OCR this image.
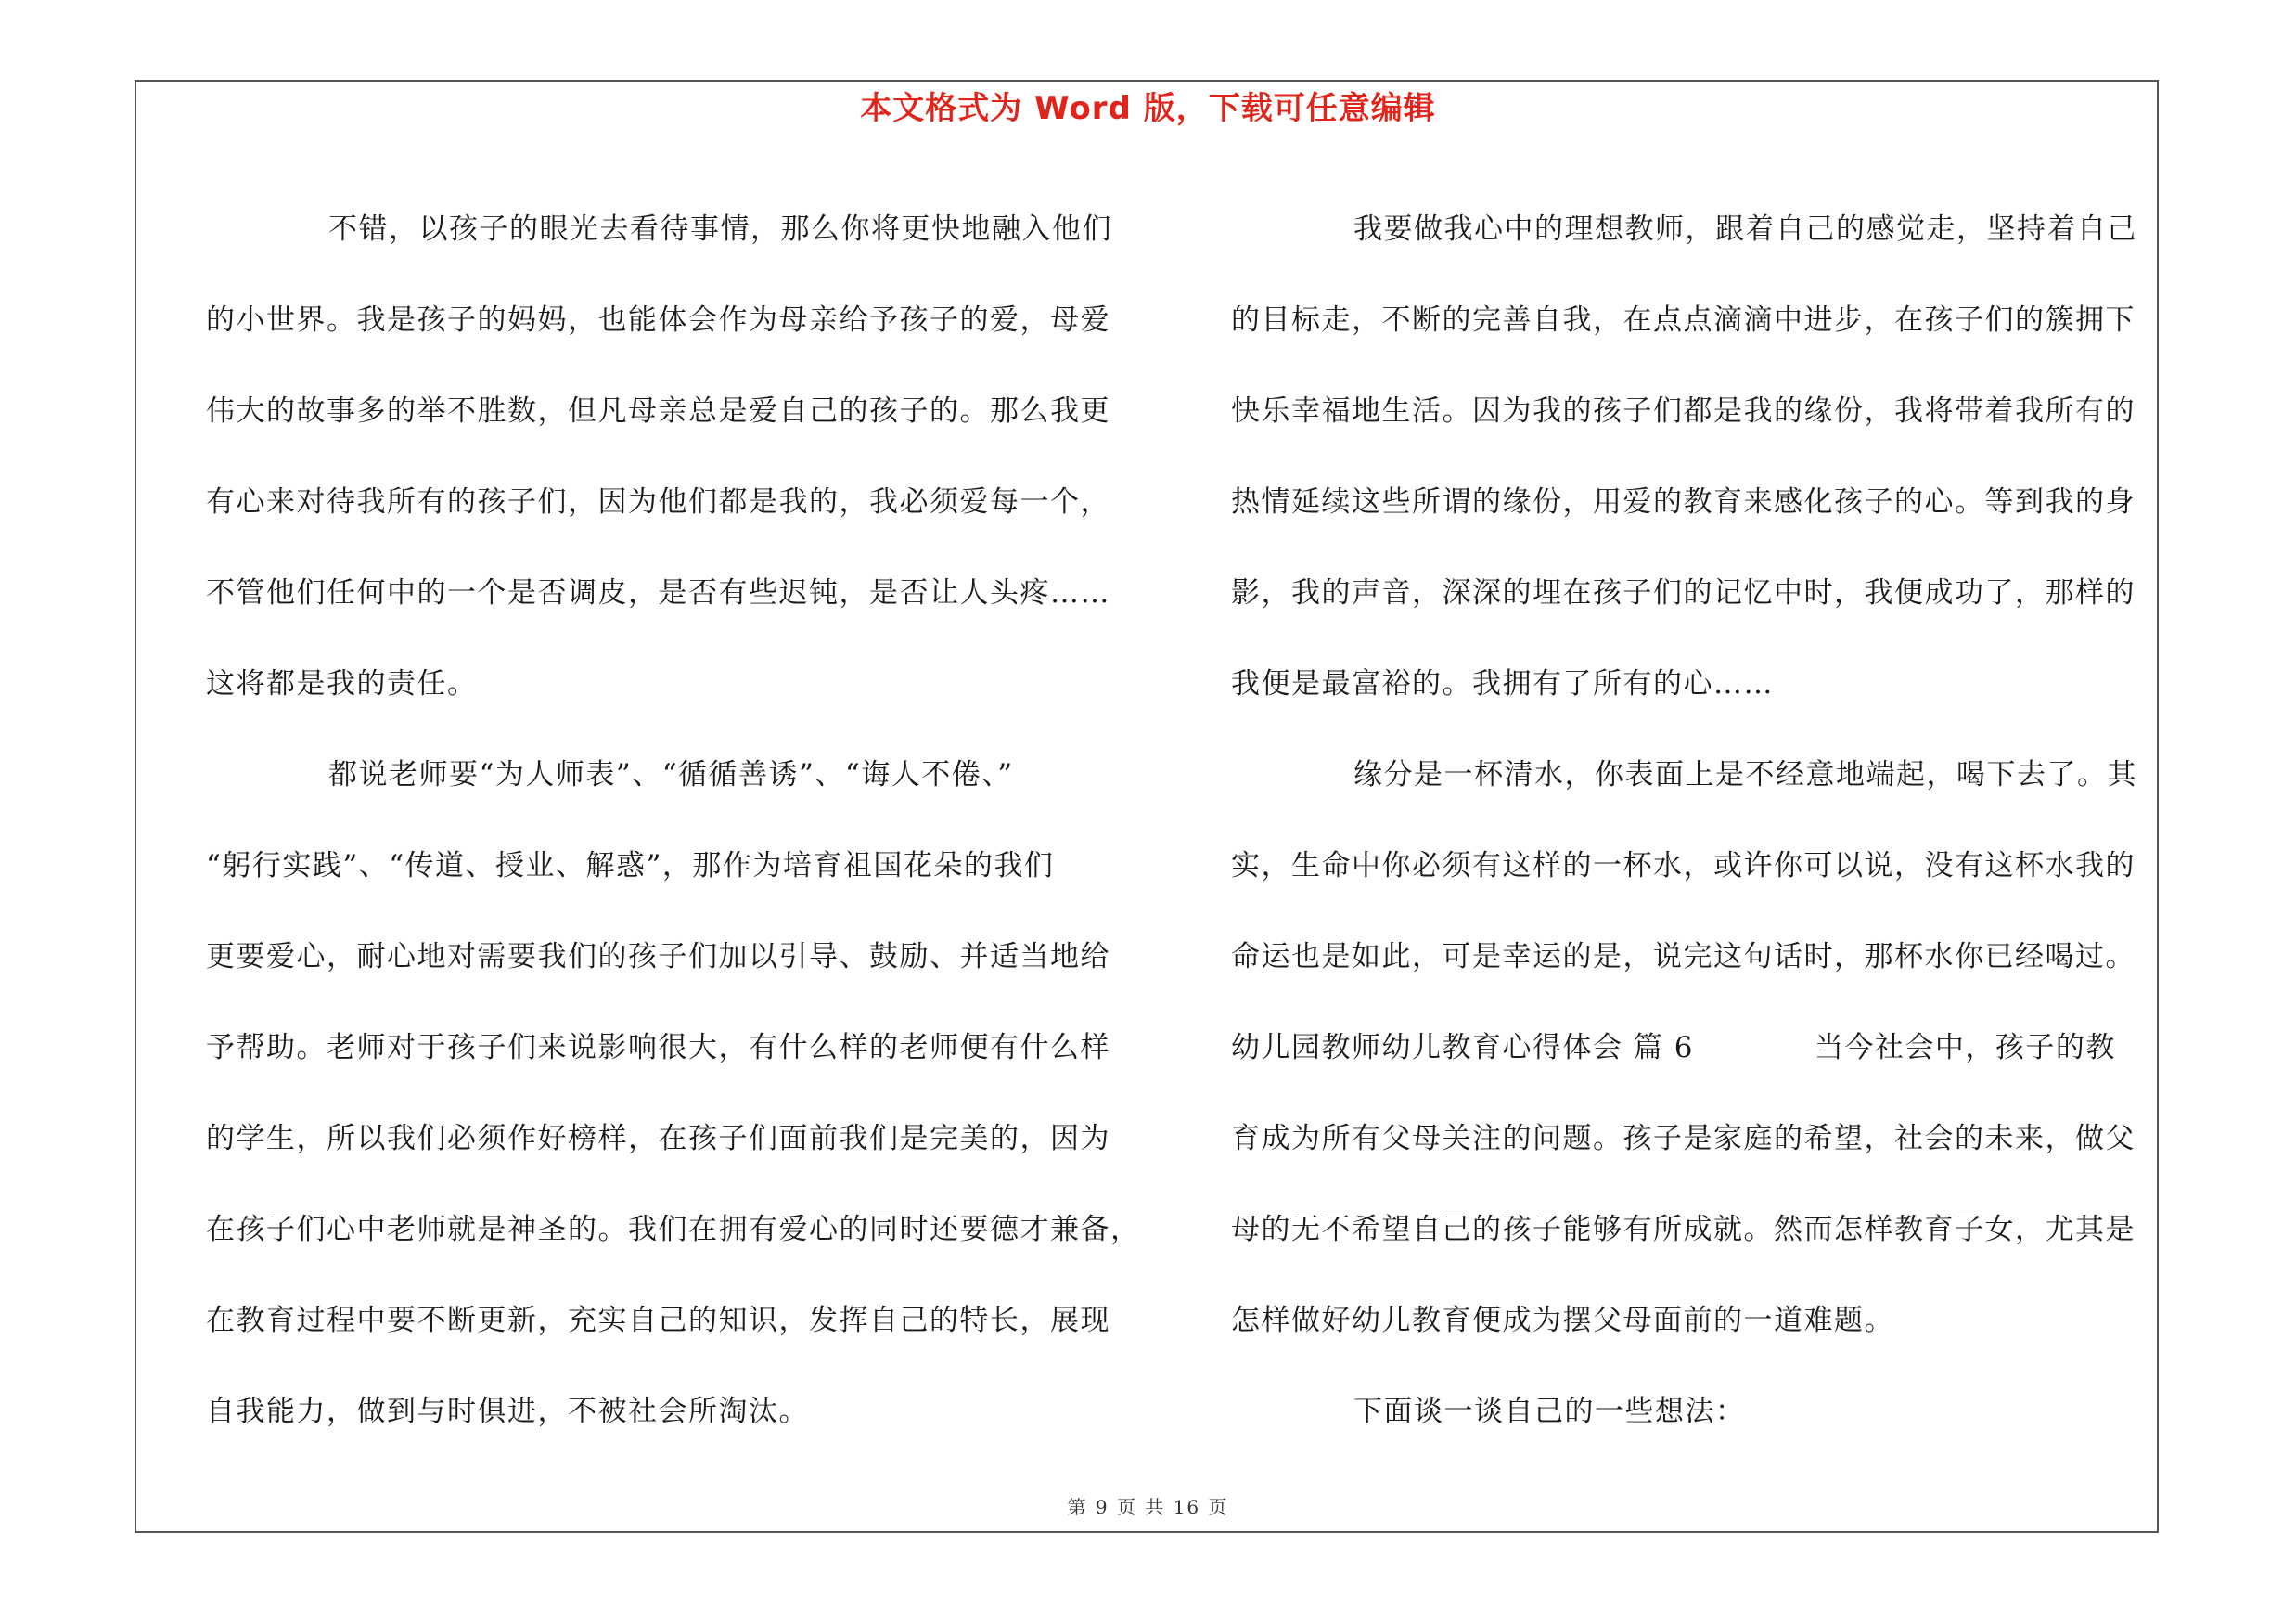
本文格式为 Word 版，下载可任意编辑
不错，以孩子的眼光去看待事情，那么你将更快地融入他们
的小世界。我是孩子的妈妈，也能体会作为母亲给予孩子的爱，母爱
伟大的故事多的举不胜数，但凡母亲总是爱自己的孩子的。那么我更
有心来对待我所有的孩子们，因为他们都是我的，我必须爱每一个，
不管他们任何中的一个是否调皮，是否有些迟钝，是否让人头疼……
这将都是我的责任。
都说老师要“为人师表”、“循循善诱”、“诲人不倦、”
“躬行实践”、“传道、授业、解惑”，那作为培育祖国花朵的我们
更要爱心，耐心地对需要我们的孩子们加以引导、鼓励、并适当地给
予帮助。老师对于孩子们来说影响很大，有什么样的老师便有什么样
的学生，所以我们必须作好榜样，在孩子们面前我们是完美的，因为
在孩子们心中老师就是神圣的。我们在拥有爱心的同时还要德才兼备，
在教育过程中要不断更新，充实自己的知识，发挥自己的特长，展现
自我能力，做到与时俱进，不被社会所淘汰。
我要做我心中的理想教师，跟着自己的感觉走，坚持着自己
的目标走，不断的完善自我，在点点滴滴中进步，在孩子们的簇拥下
快乐幸福地生活。因为我的孩子们都是我的缘份，我将带着我所有的
热情延续这些所谓的缘份，用爱的教育来感化孩子的心。等到我的身
影，我的声音，深深的埋在孩子们的记忆中时，我便成功了，那样的
我便是最富裕的。我拥有了所有的心……
缘分是一杯清水，你表面上是不经意地端起，喝下去了。其
实，生命中你必须有这样的一杯水，或许你可以说，没有这杯水我的
命运也是如此，可是幸运的是，说完这句话时，那杯水你已经喝过。
幼儿园教师幼儿教育心得体会 篇 6	当今社会中，孩子的教
育成为所有父母关注的问题。孩子是家庭的希望，社会的未来，做父
母的无不希望自己的孩子能够有所成就。然而怎样教育子女，尤其是
怎样做好幼儿教育便成为摆父母面前的一道难题。
下面谈一谈自己的一些想法：
第 9 页 共 16 页
